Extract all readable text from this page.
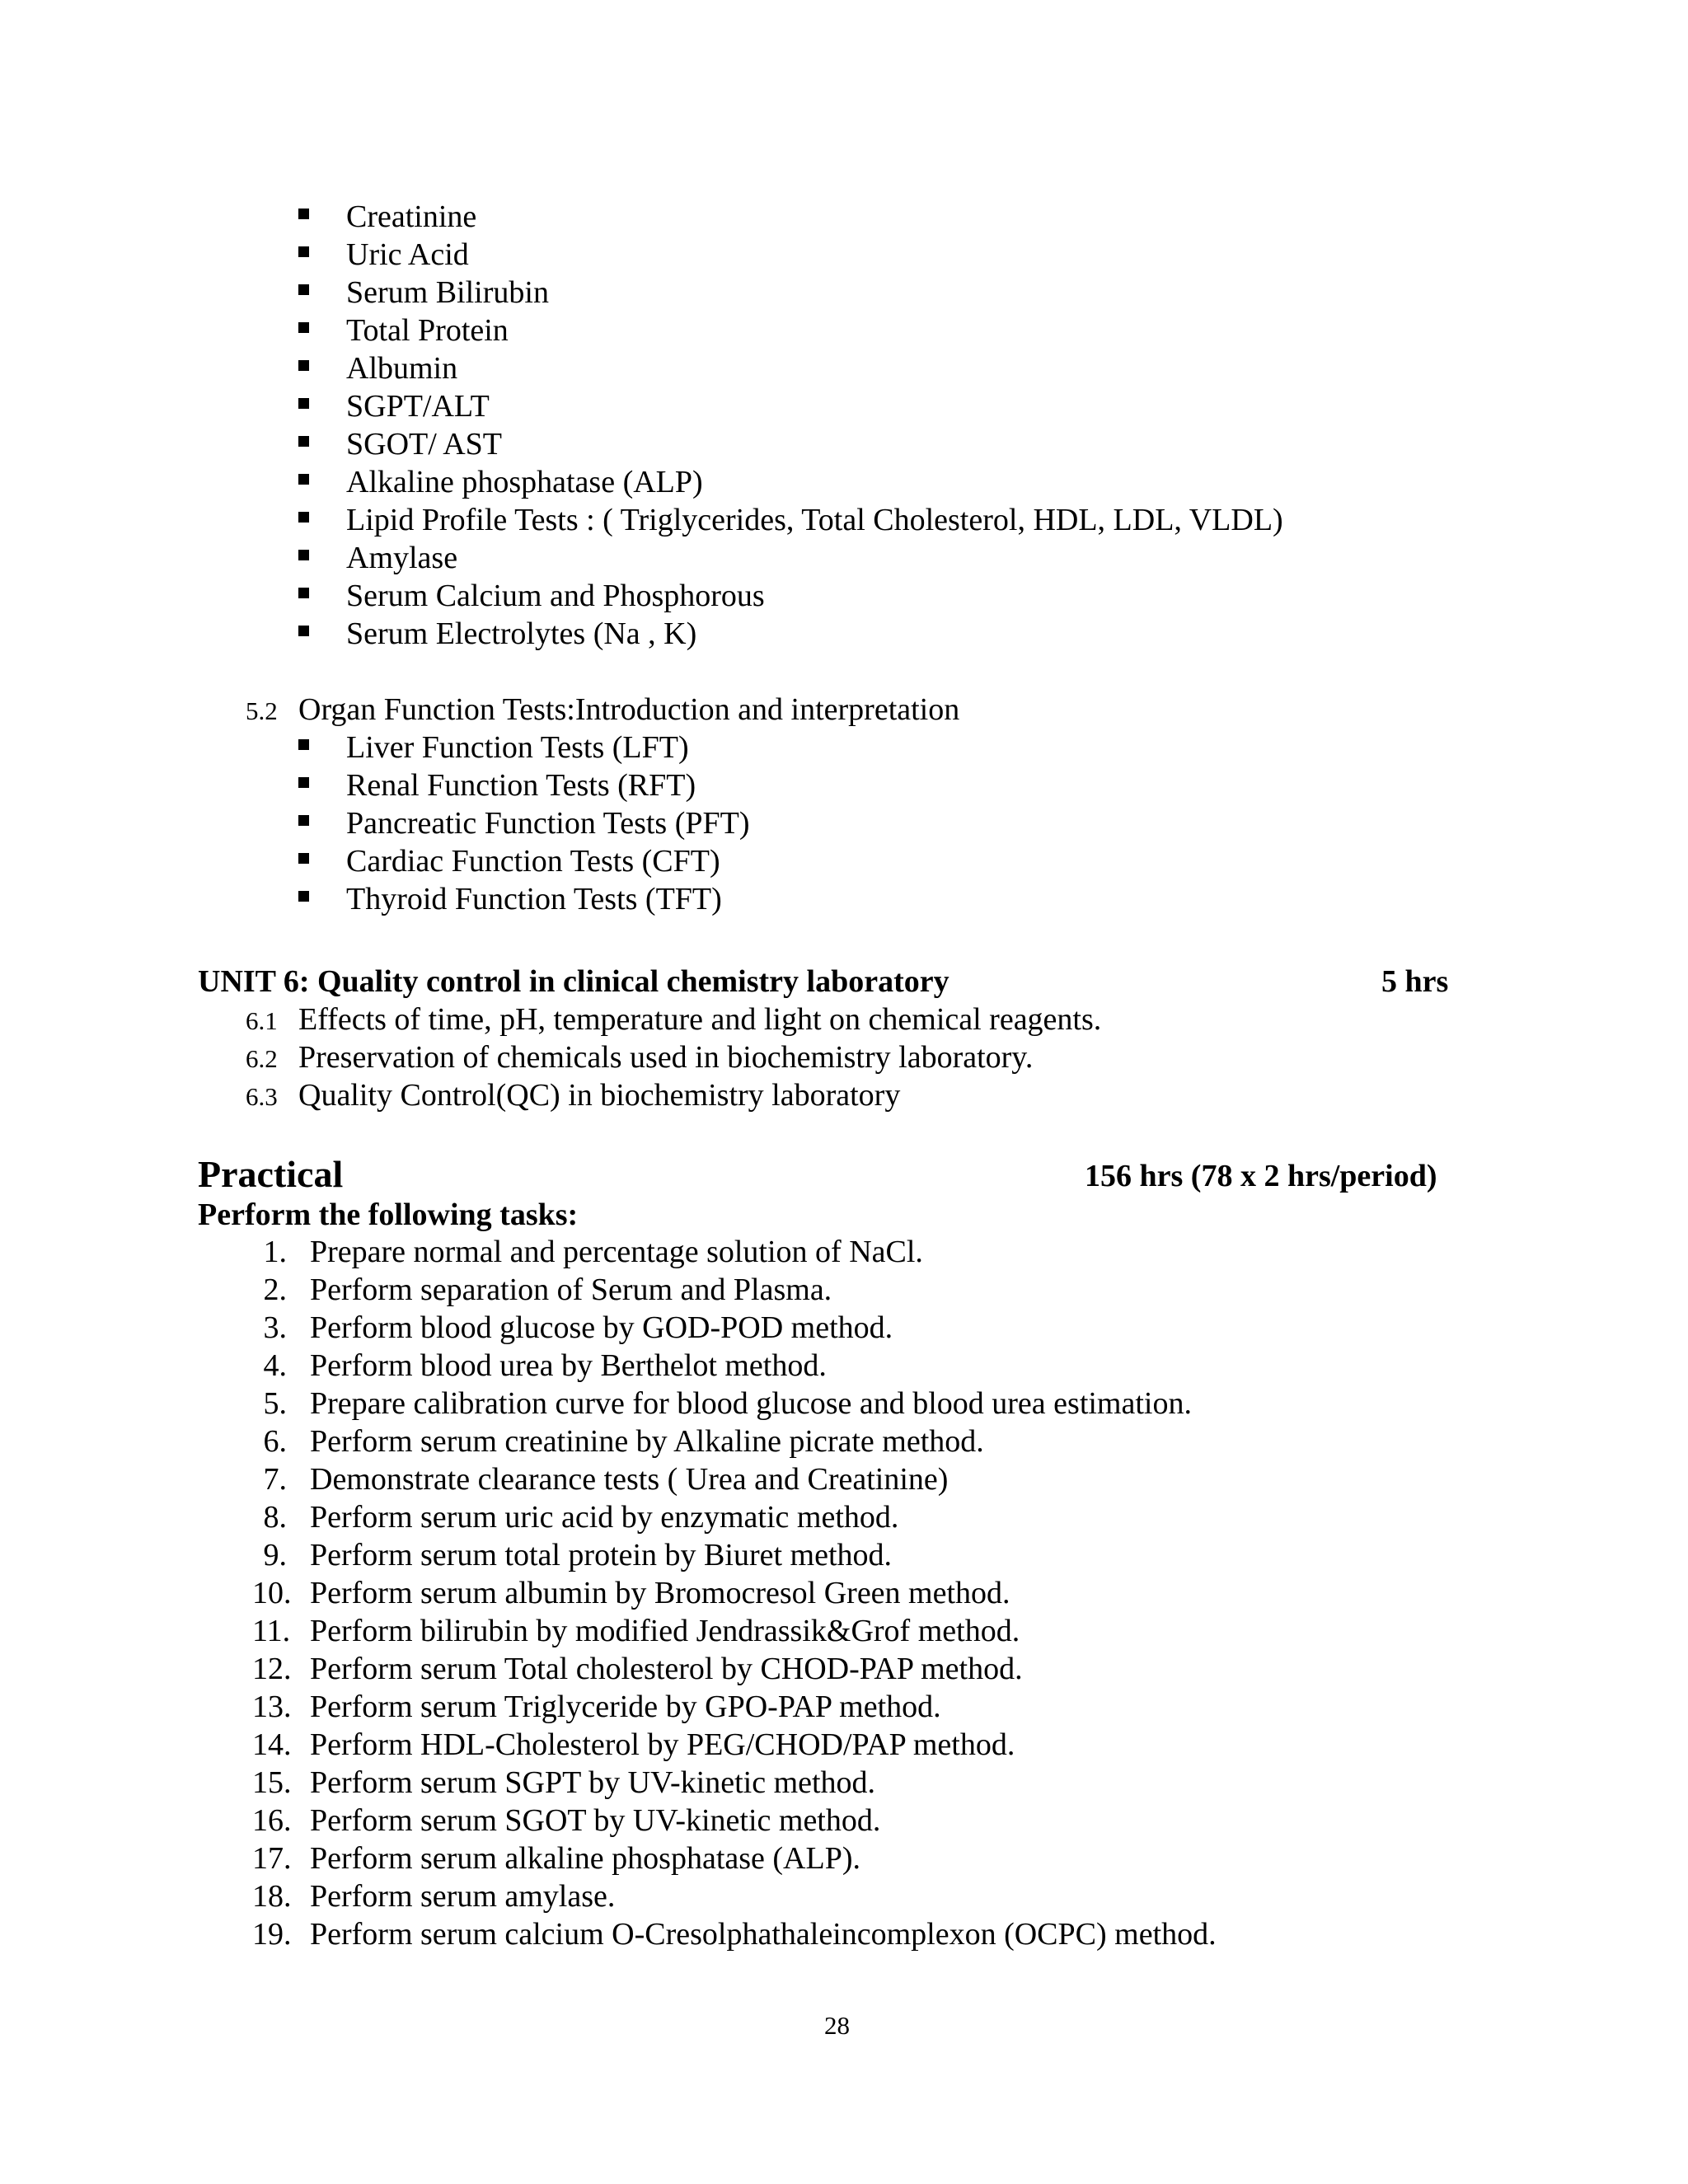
Creatinine
Uric Acid
Serum Bilirubin
Total Protein
Albumin
SGPT/ALT
SGOT/ AST
Alkaline phosphatase (ALP)
Lipid Profile Tests : ( Triglycerides, Total Cholesterol, HDL, LDL, VLDL)
Amylase
Serum Calcium and Phosphorous
Serum Electrolytes (Na , K)
5.2 Organ Function Tests:Introduction and interpretation
Liver Function Tests (LFT)
Renal Function Tests (RFT)
Pancreatic Function Tests (PFT)
Cardiac Function Tests (CFT)
Thyroid Function Tests (TFT)
UNIT 6: Quality control in clinical chemistry laboratory	5 hrs
6.1 Effects of time, pH, temperature and light on chemical reagents.
6.2 Preservation of chemicals used in biochemistry laboratory.
6.3 Quality Control(QC) in biochemistry laboratory
Practical	156 hrs (78 x 2 hrs/period)
Perform the following tasks:
1. Prepare normal and percentage solution of NaCl.
2. Perform separation of Serum and Plasma.
3. Perform blood glucose by GOD-POD method.
4. Perform blood urea by Berthelot method.
5. Prepare calibration curve for blood glucose and blood urea estimation.
6. Perform serum creatinine by Alkaline picrate method.
7. Demonstrate clearance tests ( Urea and Creatinine)
8. Perform serum uric acid by enzymatic method.
9. Perform serum total protein by Biuret method.
10. Perform serum albumin by Bromocresol Green method.
11. Perform bilirubin by modified Jendrassik&Grof method.
12. Perform serum Total cholesterol by CHOD-PAP method.
13. Perform serum Triglyceride by GPO-PAP method.
14. Perform HDL-Cholesterol by PEG/CHOD/PAP method.
15. Perform serum SGPT by UV-kinetic method.
16. Perform serum SGOT by UV-kinetic method.
17. Perform serum alkaline phosphatase (ALP).
18. Perform serum amylase.
19. Perform serum calcium O-Cresolphathaleincomplexon (OCPC) method.
28
